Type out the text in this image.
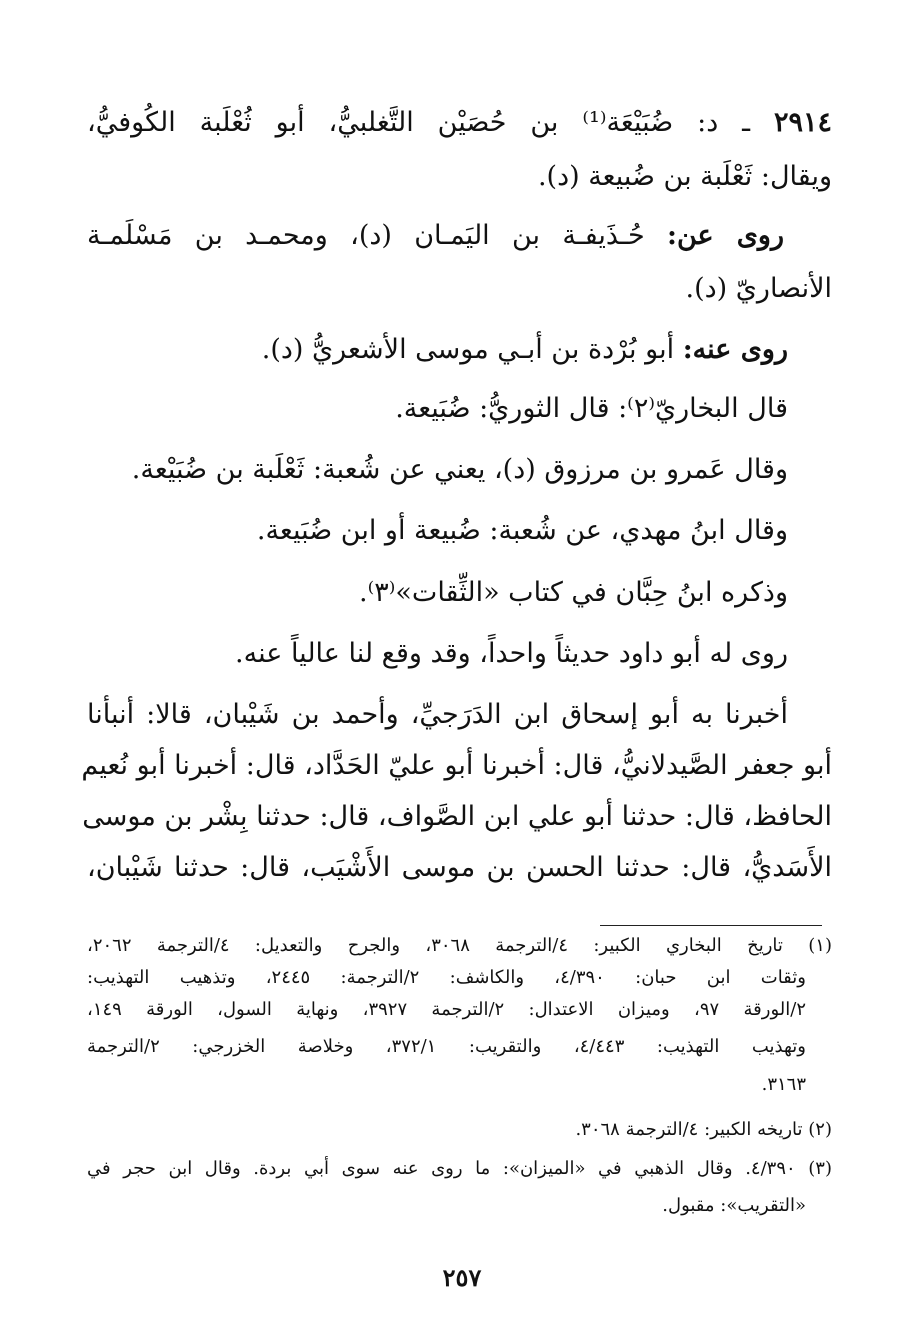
٢٩١٤ ـ د: ضُبَيْعَة⁽¹⁾ بن حُصَيْن التَّغلبيُّ، أبو ثُعْلَبة الكُوفيُّ،
ويقال: ثَعْلَبة بن ضُبيعة (د).
روى عن: حُـذَيفـة بن اليَمـان (د)، ومحمـد بن مَسْلَمـة
الأنصاريّ (د).
روى عنه: أبو بُرْدة بن أبـي موسى الأشعريُّ (د).
قال البخاريّ⁽٢⁾: قال الثوريُّ: ضُبَيعة.
وقال عَمرو بن مرزوق (د)، يعني عن شُعبة: ثَعْلَبة بن ضُبَيْعة.
وقال ابنُ مهدي، عن شُعبة: ضُبيعة أو ابن ضُبَيعة.
وذكره ابنُ حِبَّان في كتاب «الثِّقات»⁽٣⁾.
روى له أبو داود حديثاً واحداً، وقد وقع لنا عالياً عنه.
أخبرنا به أبو إسحاق ابن الدَرَجيِّ، وأحمد بن شَيْبان، قالا: أنبأنا
أبو جعفر الصَّيدلانيُّ، قال: أخبرنا أبو عليّ الحَدَّاد، قال: أخبرنا أبو نُعيم
الحافظ، قال: حدثنا أبو علي ابن الصَّواف، قال: حدثنا بِشْر بن موسى
الأَسَديُّ، قال: حدثنا الحسن بن موسى الأَشْيَب، قال: حدثنا شَيْبان،
(١) تاريخ البخاري الكبير: ٤/الترجمة ٣٠٦٨، والجرح والتعديل: ٤/الترجمة ٢٠٦٢،
وثقات ابن حبان: ٤/٣٩٠، والكاشف: ٢/الترجمة: ٢٤٤٥، وتذهيب التهذيب:
٢/الورقة ٩٧، وميزان الاعتدال: ٢/الترجمة ٣٩٢٧، ونهاية السول، الورقة ١٤٩،
وتهذيب التهذيب: ٤/٤٤٣، والتقريب: ٣٧٢/١، وخلاصة الخزرجي: ٢/الترجمة
٣١٦٣.
(٢) تاريخه الكبير: ٤/الترجمة ٣٠٦٨.
(٣) ٤/٣٩٠. وقال الذهبي في «الميزان»: ما روى عنه سوى أبي بردة. وقال ابن حجر في
«التقريب»: مقبول.
٢٥٧
